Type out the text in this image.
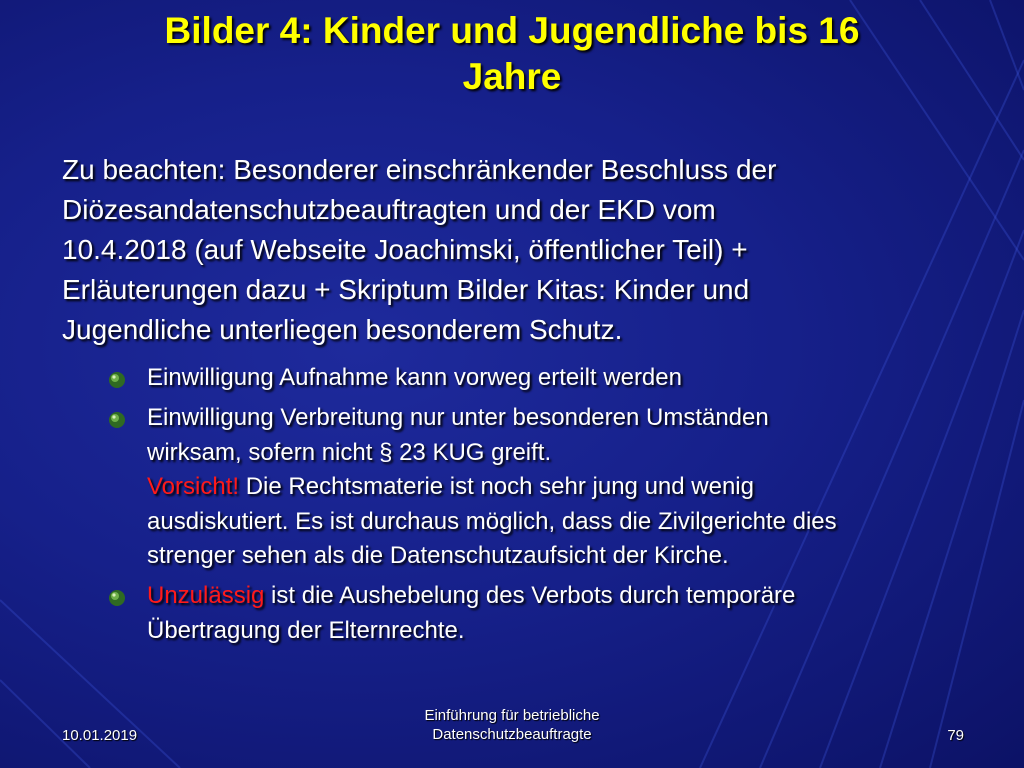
Bilder 4: Kinder und Jugendliche bis 16
Jahre
Zu beachten: Besonderer einschränkender Beschluss der
Diözesandatenschutzbeauftragten und der EKD vom
10.4.2018 (auf Webseite Joachimski, öffentlicher Teil) +
Erläuterungen dazu + Skriptum Bilder Kitas: Kinder und
Jugendliche unterliegen besonderem Schutz.
Einwilligung Aufnahme kann vorweg erteilt werden
Einwilligung Verbreitung nur unter besonderen Umständen
wirksam, sofern nicht § 23 KUG greift.
Vorsicht! Die Rechtsmaterie ist noch sehr jung und wenig
ausdiskutiert. Es ist durchaus möglich, dass die Zivilgerichte dies
strenger sehen als die Datenschutzaufsicht der Kirche.
Unzulässig ist die Aushebelung des Verbots durch temporäre
Übertragung der Elternrechte.
10.01.2019
Einführung für betriebliche
Datenschutzbeauftragte	79
